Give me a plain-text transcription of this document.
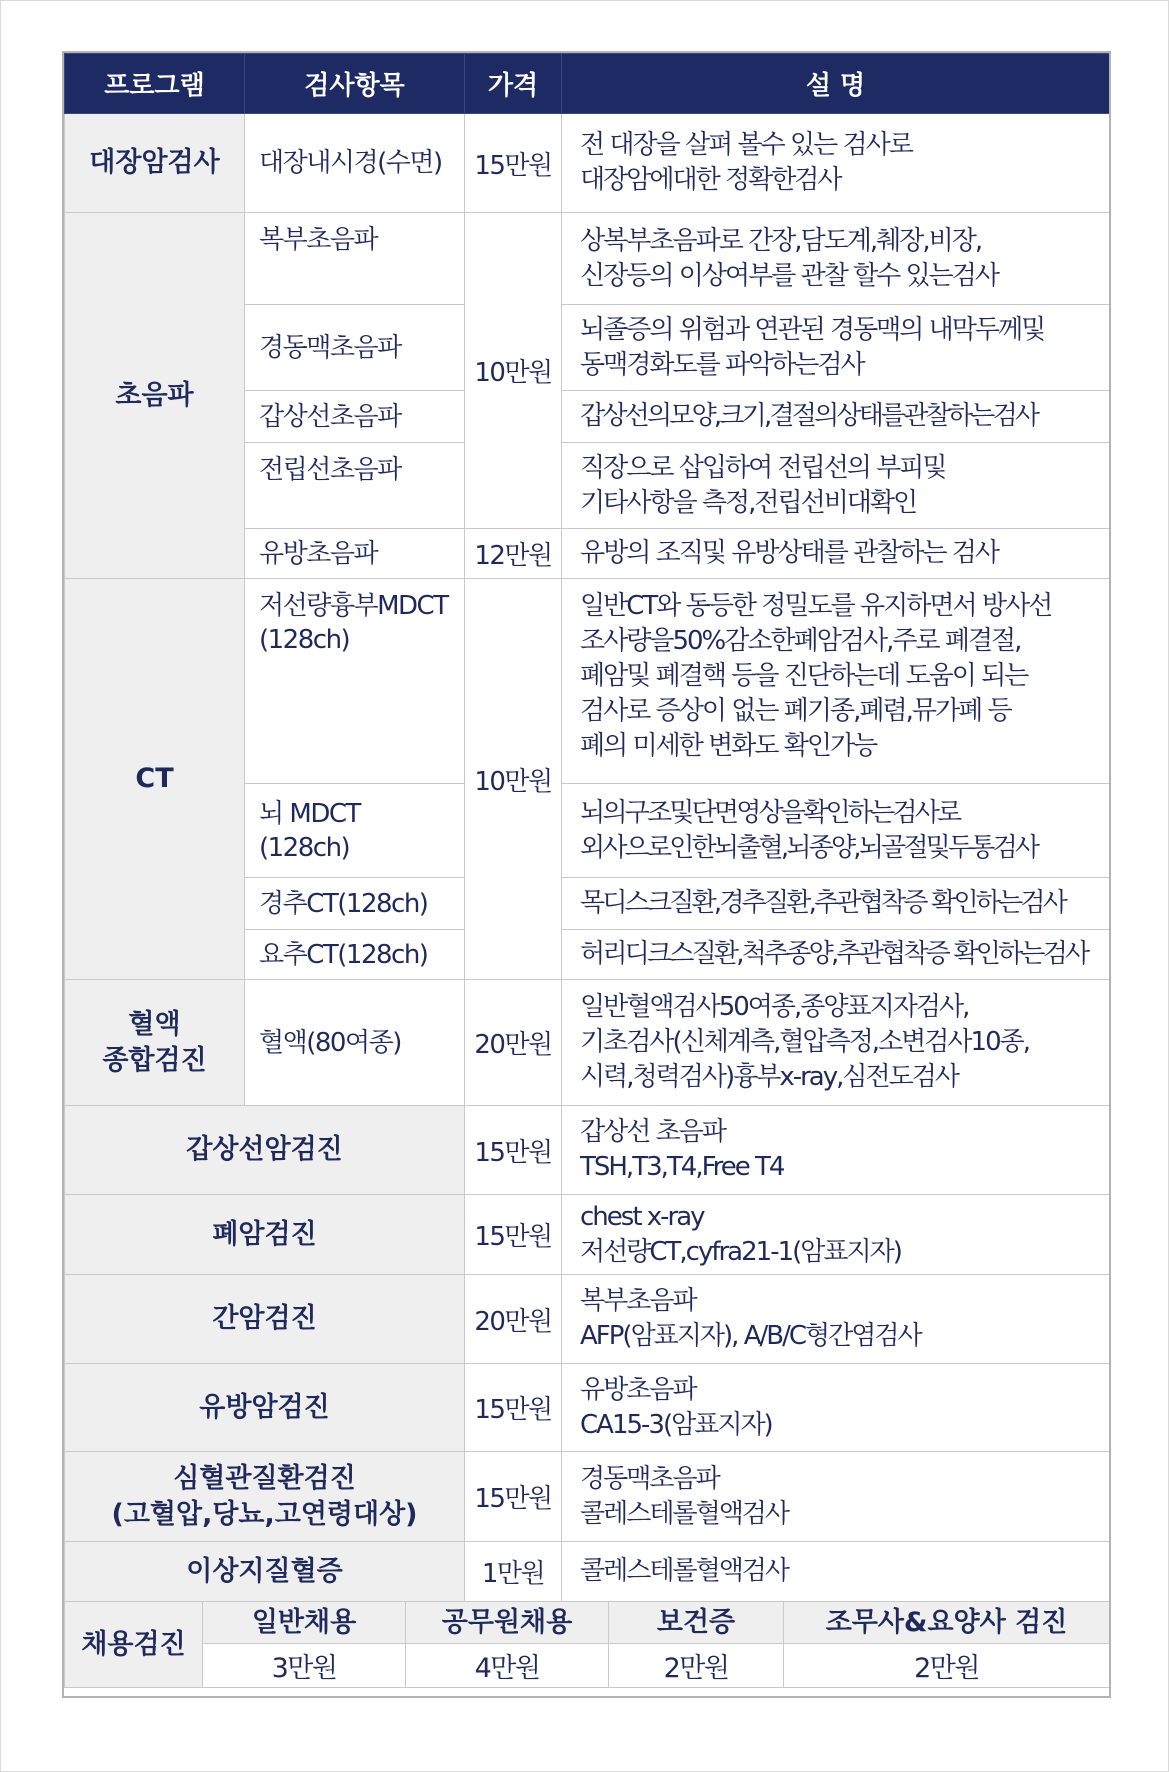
프로그램	검사항목	가격	설 명
대장암검사	대장내시경(수면)	15만원	전 대장을 살펴 볼수 있는 검사로
대장암에대한 정확한검사
초음파	복부초음파	10만원	상복부초음파로 간장,담도계,췌장,비장,
신장등의 이상여부를 관찰 할수 있는검사
	경동맥초음파		뇌졸증의 위험과 연관된 경동맥의 내막두께및
동맥경화도를 파악하는검사
	갑상선초음파		갑상선의모양,크기,결절의상태를관찰하는검사
	전립선초음파		직장으로 삽입하여 전립선의 부피및
기타사항을 측정,전립선비대확인
	유방초음파	12만원	유방의 조직및 유방상태를 관찰하는 검사
CT	저선량흉부MDCT
(128ch)	10만원	일반CT와 동등한 정밀도를 유지하면서 방사선
조사량을50%감소한폐암검사,주로 폐결절,
폐암및 폐결핵 등을 진단하는데 도움이 되는
검사로 증상이 없는 폐기종,폐렴,뮤가폐 등
폐의 미세한 변화도 확인가능
	뇌 MDCT
(128ch)		뇌의구조및단면영상을확인하는검사로
외사으로인한뇌출혈,뇌종양,뇌골절및두통검사
	경추CT(128ch)		목디스크질환,경추질환,추관협착증 확인하는검사
	요추CT(128ch)		허리디크스질환,척추종양,추관협착증 확인하는검사
혈액
종합검진	혈액(80여종)	20만원	일반혈액검사50여종,종양표지자검사,
기초검사(신체계측,혈압측정,소변검사10종,
시력,청력검사)흉부x-ray,심전도검사
갑상선암검진		15만원	갑상선 초음파
TSH,T3,T4,Free T4
폐암검진		15만원	chest x-ray
저선량CT,cyfra21-1(암표지자)
간암검진		20만원	복부초음파
AFP(암표지자), A/B/C형간염검사
유방암검진		15만원	유방초음파
CA15-3(암표지자)
심혈관질환검진
(고혈압,당뇨,고연령대상)		15만원	경동맥초음파
콜레스테롤혈액검사
이상지질혈증		1만원	콜레스테롤혈액검사
채용검진	일반채용	공무원채용	보건증	조무사&요양사 검진
	3만원	4만원	2만원	2만원
